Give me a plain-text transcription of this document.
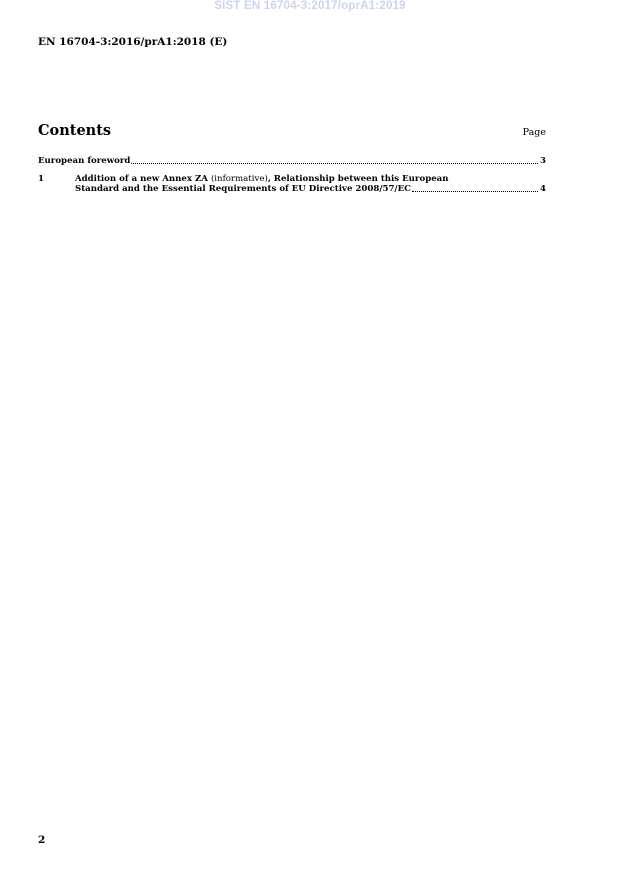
SIST EN 16704-3:2017/oprA1:2019
EN 16704-3:2016/prA1:2018 (E)
Contents	Page
European foreword	3
1	Addition of a new Annex ZA (informative) , Relationship between this European
Standard and the Essential Requirements of EU Directive 2008/57/EC	4
2
